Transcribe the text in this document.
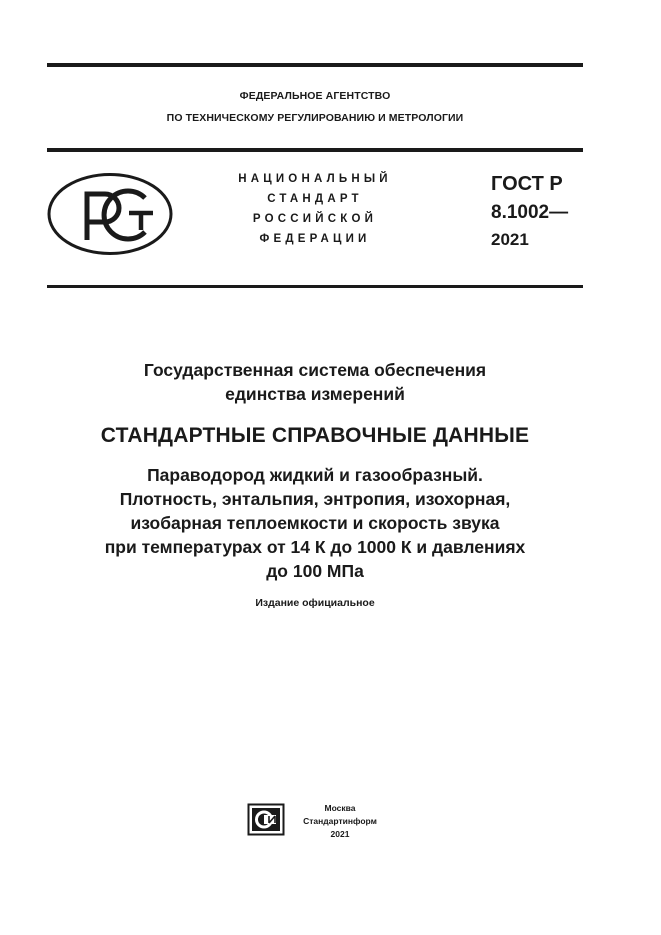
ФЕДЕРАЛЬНОЕ АГЕНТСТВО
ПО ТЕХНИЧЕСКОМУ РЕГУЛИРОВАНИЮ И МЕТРОЛОГИИ
НАЦИОНАЛЬНЫЙ
СТАНДАРТ
РОССИЙСКОЙ
ФЕДЕРАЦИИ
ГОСТ Р
8.1002—
2021
Государственная система обеспечения
единства измерений
СТАНДАРТНЫЕ СПРАВОЧНЫЕ ДАННЫЕ
Параводород жидкий и газообразный.
Плотность, энтальпия, энтропия, изохорная,
изобарная теплоемкости и скорость звука
при температурах от 14 К до 1000 К и давлениях
до 100 МПа
Издание официальное
Москва
Стандартинформ
2021
